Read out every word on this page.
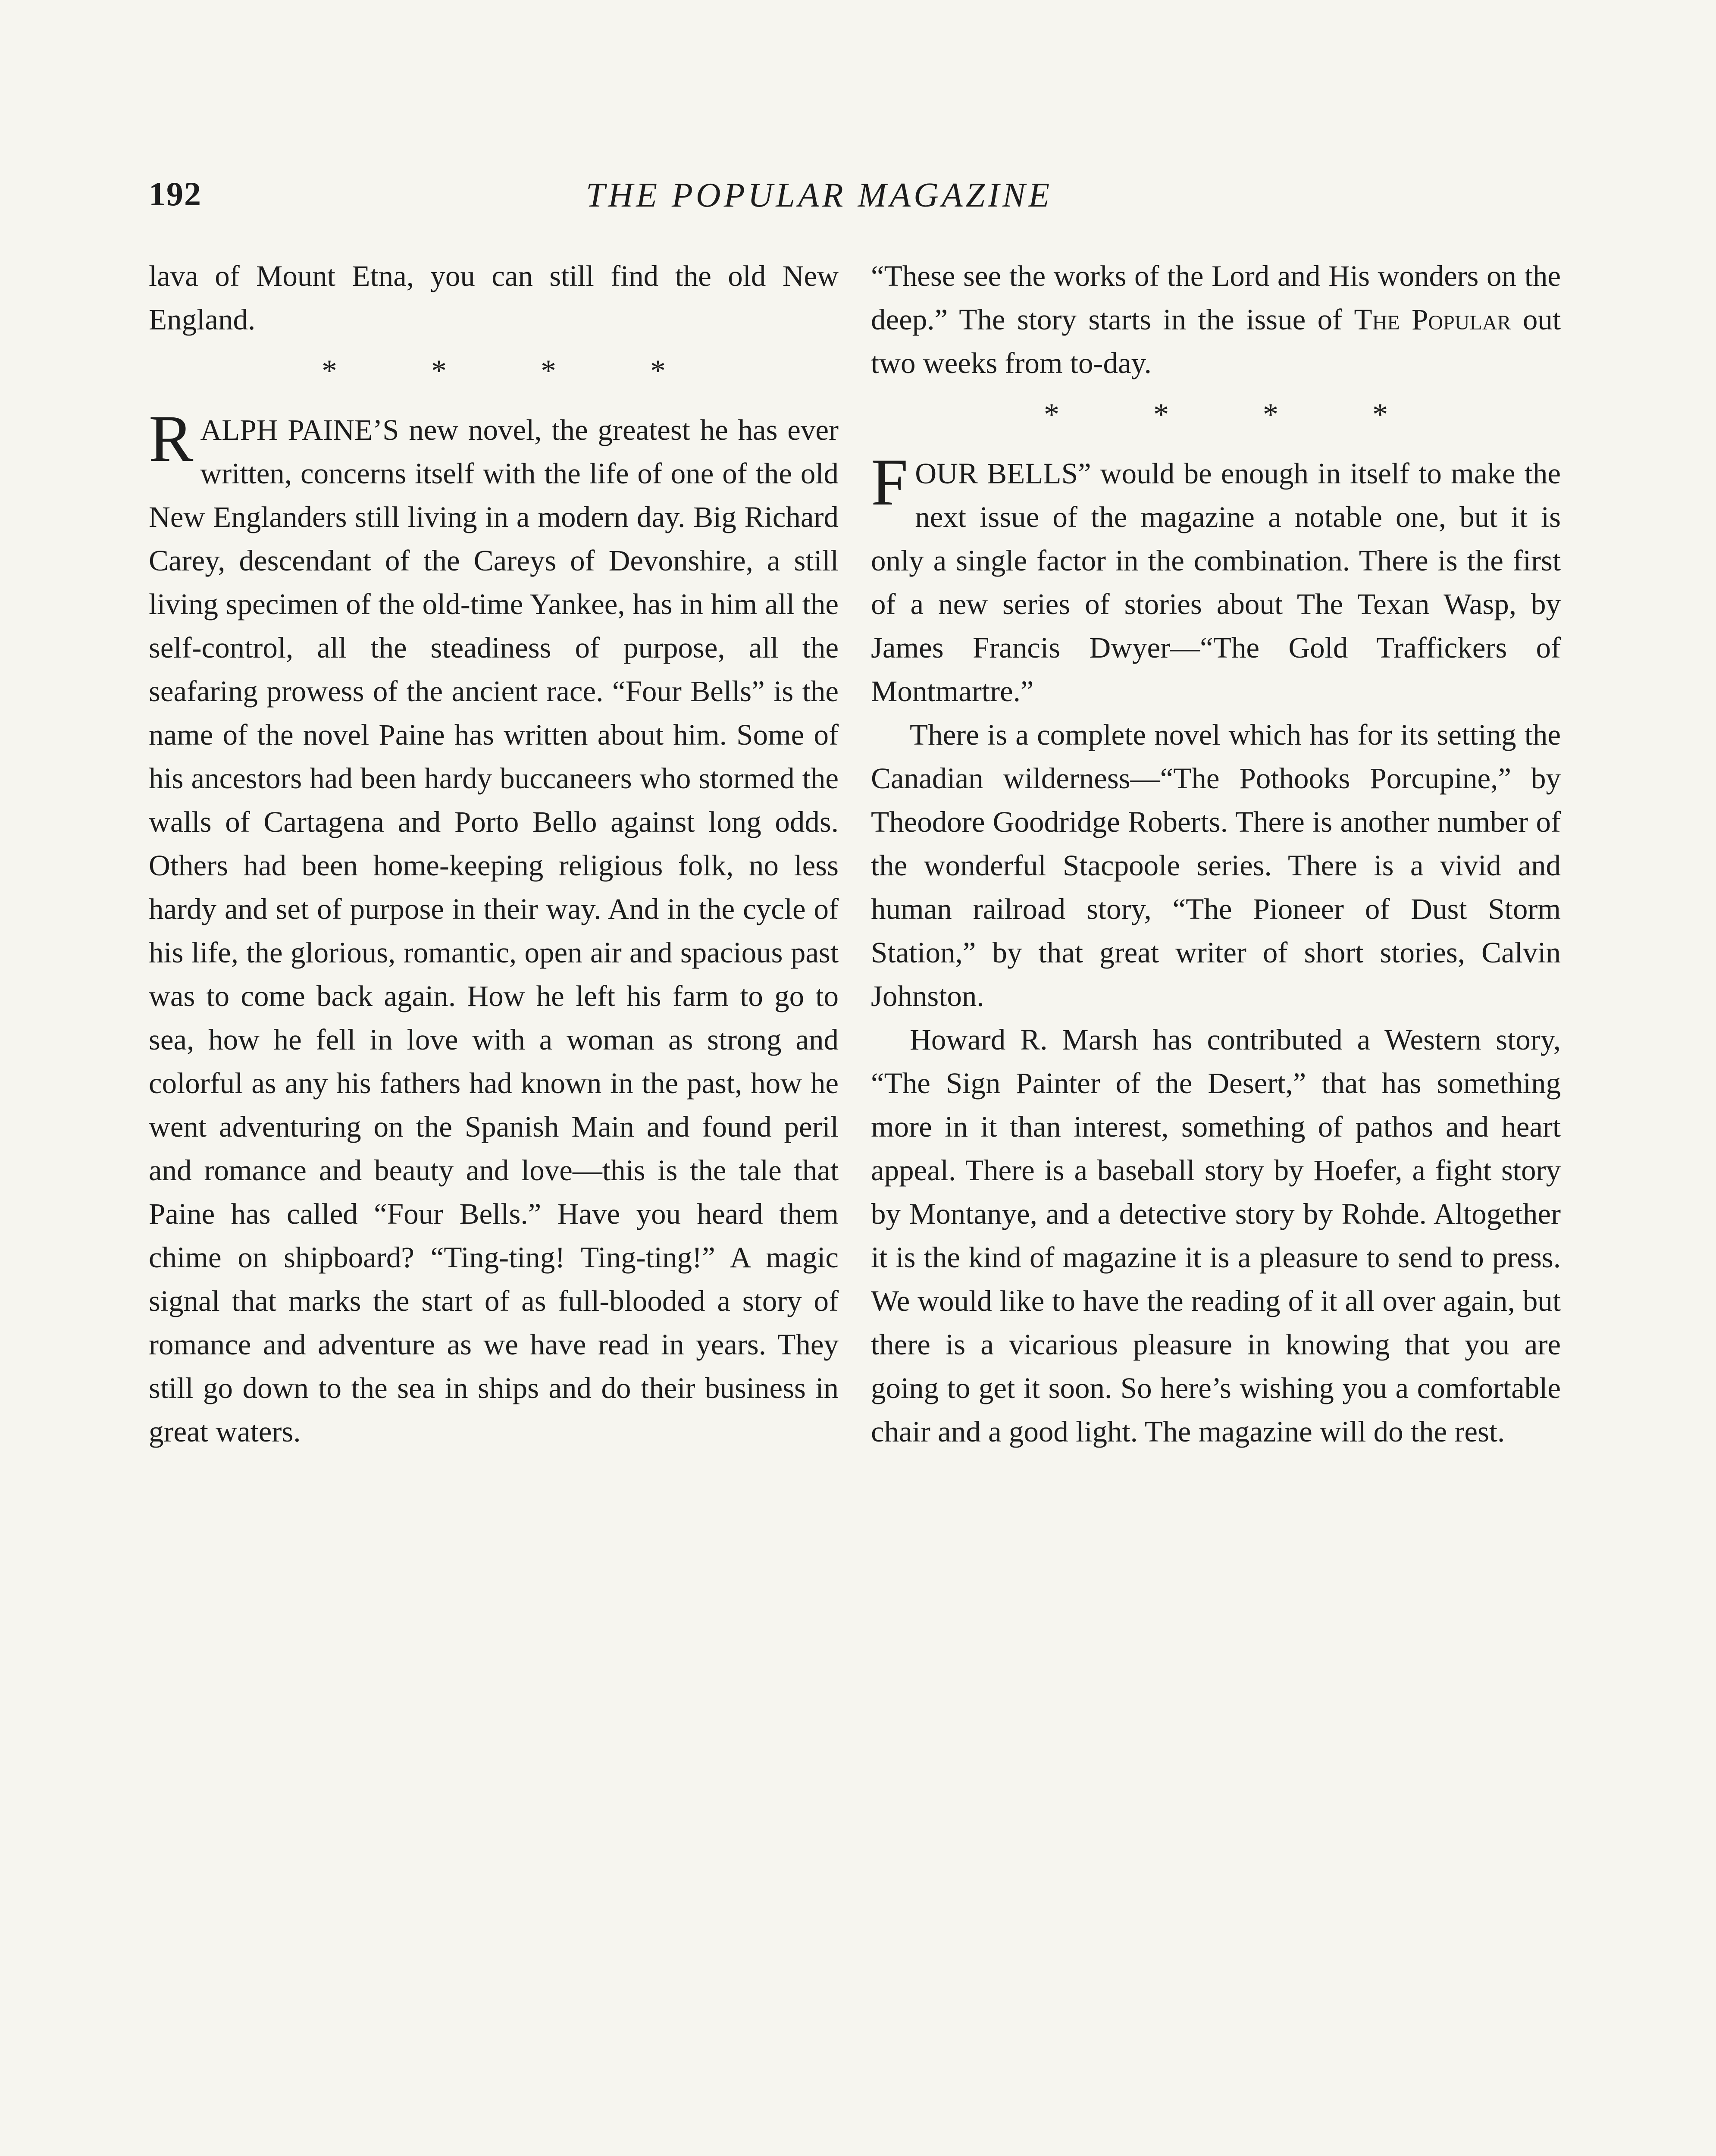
192	THE POPULAR MAGAZINE

lava of Mount Etna, you can still find the old New England.

* * * *

RALPH PAINE’S new novel, the greatest he has ever written, concerns itself with the life of one of the old New Englanders still living in a modern day. Big Richard Carey, descendant of the Careys of Devonshire, a still living specimen of the old-time Yankee, has in him all the self-control, all the steadiness of purpose, all the seafaring prowess of the ancient race. “Four Bells” is the name of the novel Paine has written about him. Some of his ancestors had been hardy buccaneers who stormed the walls of Cartagena and Porto Bello against long odds. Others had been home-keeping religious folk, no less hardy and set of purpose in their way. And in the cycle of his life, the glorious, romantic, open air and spacious past was to come back again. How he left his farm to go to sea, how he fell in love with a woman as strong and colorful as any his fathers had known in the past, how he went adventuring on the Spanish Main and found peril and romance and beauty and love—this is the tale that Paine has called “Four Bells.” Have you heard them chime on shipboard? “Ting-ting! Ting-ting!” A magic signal that marks the start of as full-blooded a story of romance and adventure as we have read in years. They still go down to the sea in ships and do their business in great waters.

“These see the works of the Lord and His wonders on the deep.” The story starts in the issue of The Popular out two weeks from to-day.

* * * *

FOUR BELLS” would be enough in itself to make the next issue of the magazine a notable one, but it is only a single factor in the combination. There is the first of a new series of stories about The Texan Wasp, by James Francis Dwyer—“The Gold Traffickers of Montmartre.”

There is a complete novel which has for its setting the Canadian wilderness—“The Pothooks Porcupine,” by Theodore Goodridge Roberts. There is another number of the wonderful Stacpoole series. There is a vivid and human railroad story, “The Pioneer of Dust Storm Station,” by that great writer of short stories, Calvin Johnston.

Howard R. Marsh has contributed a Western story, “The Sign Painter of the Desert,” that has something more in it than interest, something of pathos and heart appeal. There is a baseball story by Hoefer, a fight story by Montanye, and a detective story by Rohde. Altogether it is the kind of magazine it is a pleasure to send to press. We would like to have the reading of it all over again, but there is a vicarious pleasure in knowing that you are going to get it soon. So here’s wishing you a comfortable chair and a good light. The magazine will do the rest.
